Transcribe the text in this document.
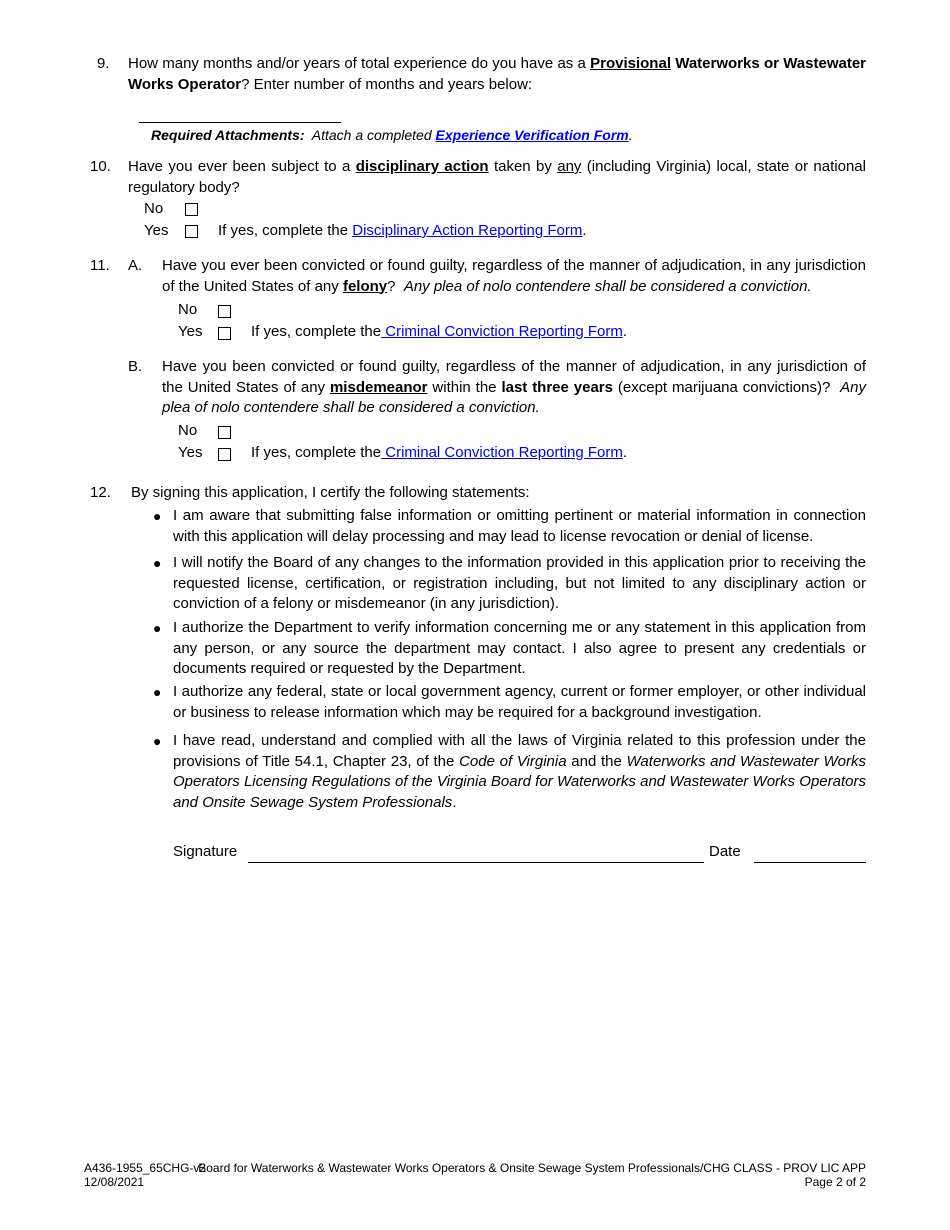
9.	How many months and/or years of total experience do you have as a Provisional Waterworks or Wastewater Works Operator? Enter number of months and years below:
Required Attachments:  Attach a completed Experience Verification Form.
10.	Have you ever been subject to a disciplinary action taken by any (including Virginia) local, state or national regulatory body?
No
Yes	If yes, complete the Disciplinary Action Reporting Form.
11.	A.	Have you ever been convicted or found guilty, regardless of the manner of adjudication, in any jurisdiction of the United States of any felony?  Any plea of nolo contendere shall be considered a conviction.
No
Yes	If yes, complete the Criminal Conviction Reporting Form.
B.	Have you been convicted or found guilty, regardless of the manner of adjudication, in any jurisdiction of the United States of any misdemeanor within the last three years (except marijuana convictions)?  Any plea of nolo contendere shall be considered a conviction.
No
Yes	If yes, complete the Criminal Conviction Reporting Form.
12.	By signing this application, I certify the following statements:
● I am aware that submitting false information or omitting pertinent or material information in connection with this application will delay processing and may lead to license revocation or denial of license.
● I will notify the Board of any changes to the information provided in this application prior to receiving the requested license, certification, or registration including, but not limited to any disciplinary action or conviction of a felony or misdemeanor (in any jurisdiction).
● I authorize the Department to verify information concerning me or any statement in this application from any person, or any source the department may contact. I also agree to present any credentials or documents required or requested by the Department.
● I authorize any federal, state or local government agency, current or former employer, or other individual or business to release information which may be required for a background investigation.
● I have read, understand and complied with all the laws of Virginia related to this profession under the provisions of Title 54.1, Chapter 23, of the Code of Virginia and the Waterworks and Wastewater Works Operators Licensing Regulations of the Virginia Board for Waterworks and Wastewater Works Operators and Onsite Sewage System Professionals.
Signature	Date
A436-1955_65CHG-v2
12/08/2021
Board for Waterworks & Wastewater Works Operators & Onsite Sewage System Professionals/CHG CLASS - PROV LIC APP
Page 2 of 2
